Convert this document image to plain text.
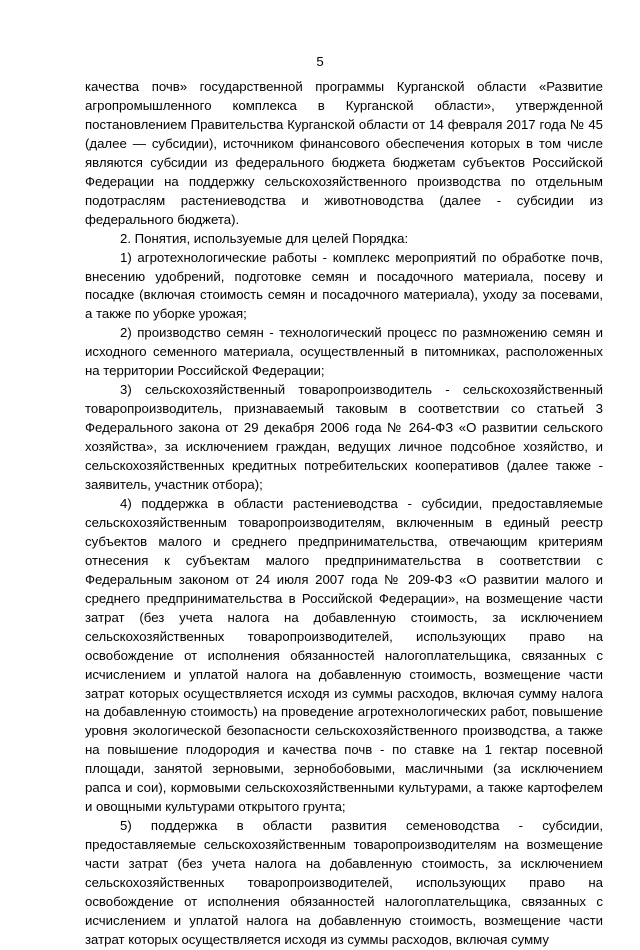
5

качества почв» государственной программы Курганской области «Развитие агропромышленного комплекса в Курганской области», утвержденной постановлением Правительства Курганской области от 14 февраля 2017 года № 45 (далее — субсидии), источником финансового обеспечения которых в том числе являются субсидии из федерального бюджета бюджетам субъектов Российской Федерации на поддержку сельскохозяйственного производства по отдельным подотраслям растениеводства и животноводства (далее - субсидии из федерального бюджета).

2. Понятия, используемые для целей Порядка:

1) агротехнологические работы - комплекс мероприятий по обработке почв, внесению удобрений, подготовке семян и посадочного материала, посеву и посадке (включая стоимость семян и посадочного материала), уходу за посевами, а также по уборке урожая;

2) производство семян - технологический процесс по размножению семян и исходного семенного материала, осуществленный в питомниках, расположенных на территории Российской Федерации;

3) сельскохозяйственный товаропроизводитель - сельскохозяйственный товаропроизводитель, признаваемый таковым в соответствии со статьей 3 Федерального закона от 29 декабря 2006 года № 264-ФЗ «О развитии сельского хозяйства», за исключением граждан, ведущих личное подсобное хозяйство, и сельскохозяйственных кредитных потребительских кооперативов (далее также - заявитель, участник отбора);

4) поддержка в области растениеводства - субсидии, предоставляемые сельскохозяйственным товаропроизводителям, включенным в единый реестр субъектов малого и среднего предпринимательства, отвечающим критериям отнесения к субъектам малого предпринимательства в соответствии с Федеральным законом от 24 июля 2007 года № 209-ФЗ «О развитии малого и среднего предпринимательства в Российской Федерации», на возмещение части затрат (без учета налога на добавленную стоимость, за исключением сельскохозяйственных товаропроизводителей, использующих право на освобождение от исполнения обязанностей налогоплательщика, связанных с исчислением и уплатой налога на добавленную стоимость, возмещение части затрат которых осуществляется исходя из суммы расходов, включая сумму налога на добавленную стоимость) на проведение агротехнологических работ, повышение уровня экологической безопасности сельскохозяйственного производства, а также на повышение плодородия и качества почв - по ставке на 1 гектар посевной площади, занятой зерновыми, зернобобовыми, масличными (за исключением рапса и сои), кормовыми сельскохозяйственными культурами, а также картофелем и овощными культурами открытого грунта;

5) поддержка в области развития семеноводства - субсидии, предоставляемые сельскохозяйственным товаропроизводителям на возмещение части затрат (без учета налога на добавленную стоимость, за исключением сельскохозяйственных товаропроизводителей, использующих право на освобождение от исполнения обязанностей налогоплательщика, связанных с исчислением и уплатой налога на добавленную стоимость, возмещение части затрат которых осуществляется исходя из суммы расходов, включая сумму
